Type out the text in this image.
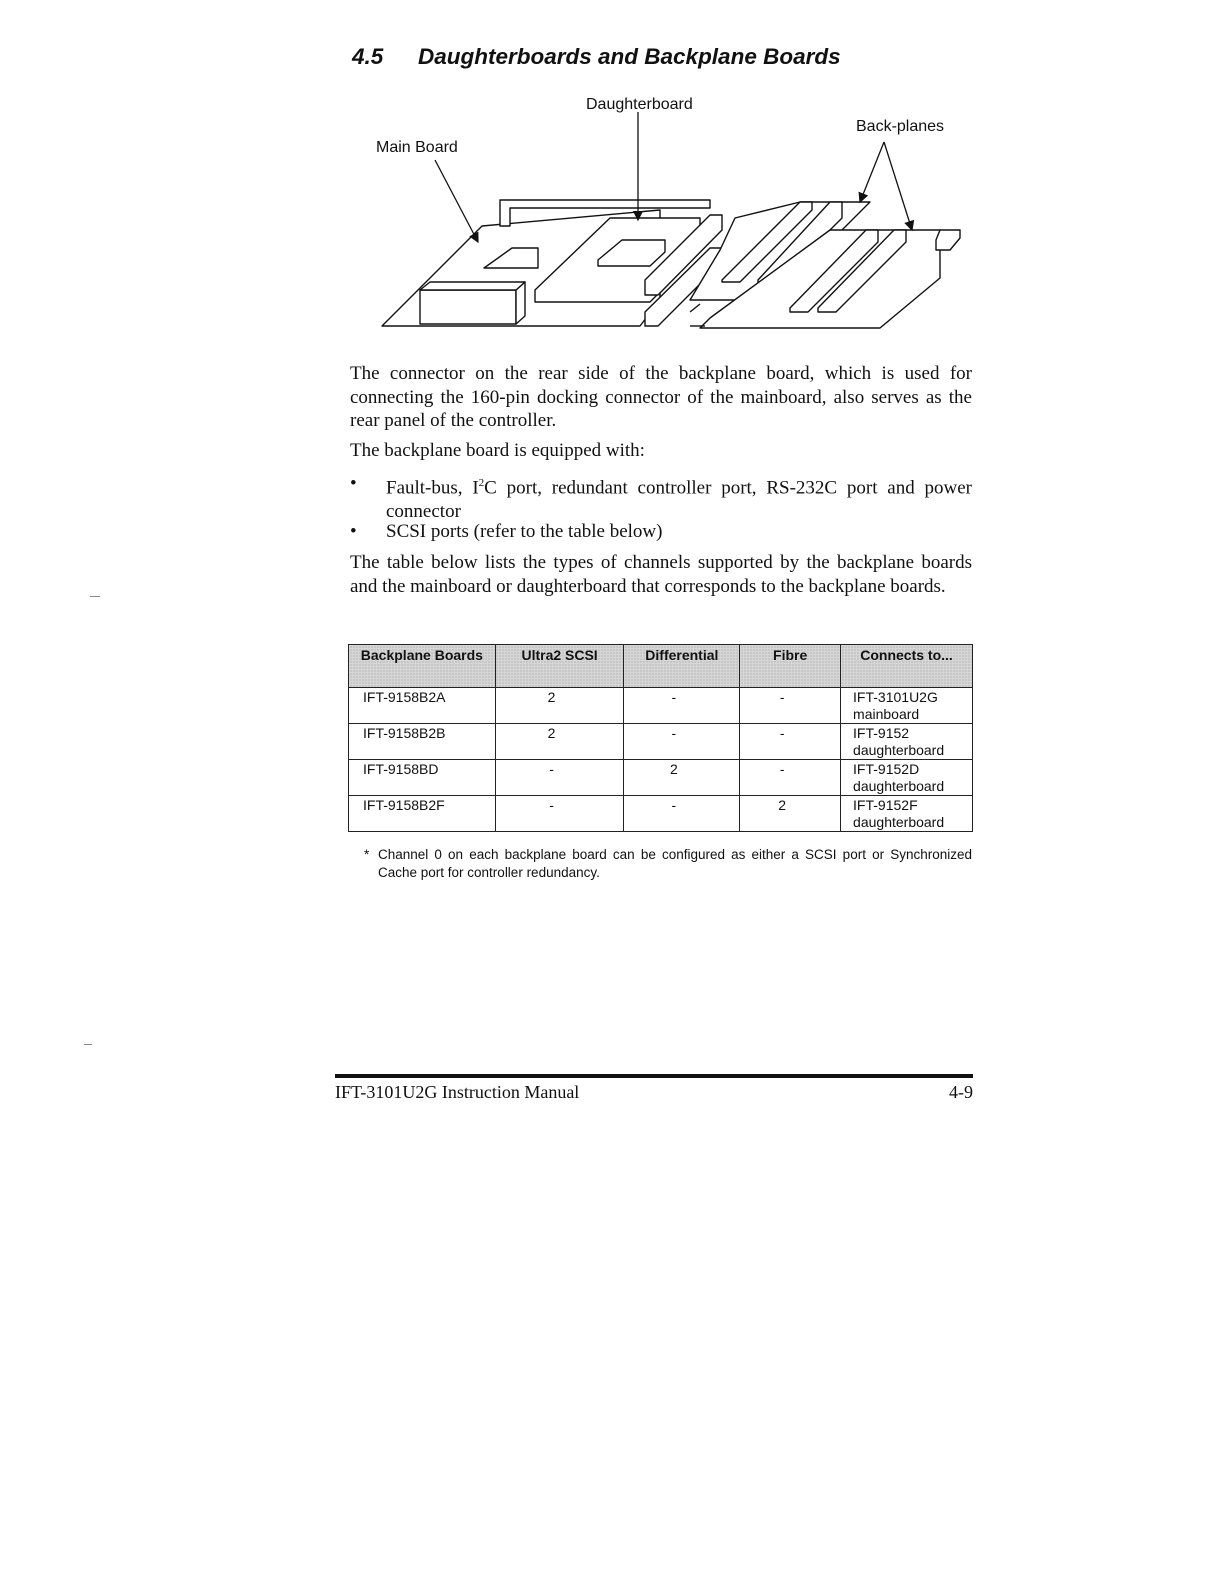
4.5 Daughterboards and Backplane Boards
Daughterboard
Back-planes
Main Board

The connector on the rear side of the backplane board, which is used for connecting the 160-pin docking connector of the mainboard, also serves as the rear panel of the controller.

The backplane board is equipped with:

•	Fault-bus, $I^2C$ port, redundant controller port, RS-232C port and power connector
•	SCSI ports (refer to the table below)

The table below lists the types of channels supported by the backplane boards and the mainboard or daughterboard that corresponds to the backplane boards.

Backplane Boards	Ultra2 SCSI	Differential	Fibre	Connects to...
IFT-9158B2A	2	-	-	IFT-3101U2G mainboard
IFT-9158B2B	2	-	-	IFT-9152 daughterboard
IFT-9158BD	-	2	-	IFT-9152D daughterboard
IFT-9158B2F	-	-	2	IFT-9152F daughterboard
* Channel 0 on each backplane board can be configured as either a SCSI port or Synchronized Cache port for controller redundancy.
IFT-3101U2G Instruction Manual	4-9
